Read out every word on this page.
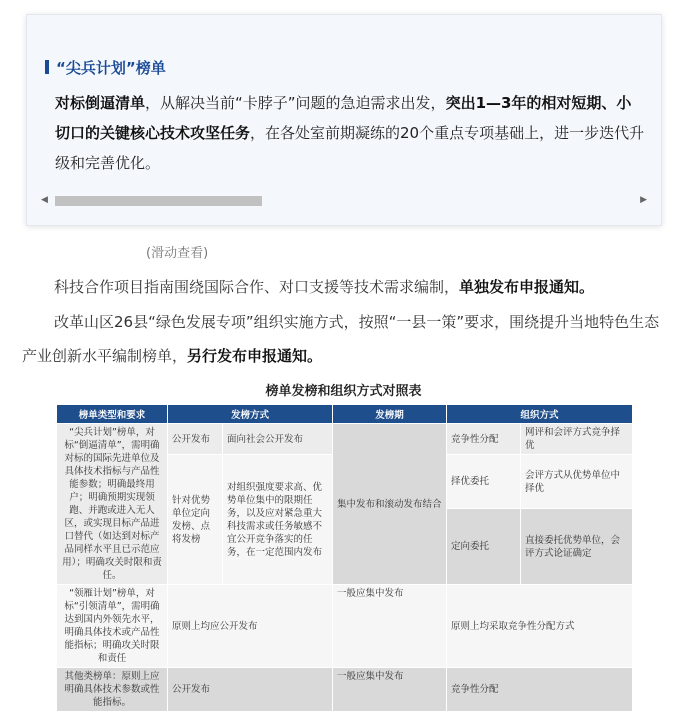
“尖兵计划”榜单
对标倒逼清单，从解决当前“卡脖子”问题的急迫需求出发，突出1—3年的相对短期、小切口的关键核心技术攻坚任务，在各处室前期凝练的20个重点专项基础上，进一步迭代升级和完善优化。
◀	▶
(滑动查看)
科技合作项目指南围绕国际合作、对口支援等技术需求编制，单独发布申报通知。
改革山区26县“绿色发展专项”组织实施方式，按照“一县一策”要求，围绕提升当地特色生态产业创新水平编制榜单，另行发布申报通知。
榜单发榜和组织方式对照表
榜单类型和要求	发榜方式		发榜期	组织方式	
“尖兵计划”榜单，对标“倒逼清单”，需明确对标的国际先进单位及具体技术指标与产品性能参数；明确最终用户；明确预期实现领跑、并跑或进入无人区，或实现目标产品进口替代（如达到对标产品同样水平且已示范应用）；明确攻关时限和责任。	公开发布	面向社会公开发布	集中发布和滚动发布结合	竞争性分配	网评和会评方式竞争择优
	针对优势单位定向发榜、点将发榜	对组织强度要求高、优势单位集中的限期任务，以及应对紧急重大科技需求或任务敏感不宜公开竞争落实的任务，在一定范围内发布		择优委托	会评方式从优势单位中择优
				定向委托	直接委托优势单位，会评方式论证确定
“领雁计划”榜单，对标“引领清单”，需明确达到国内外领先水平，明确具体技术或产品性能指标；明确攻关时限和责任	原则上均应公开发布		一般应集中发布	原则上均采取竞争性分配方式	
其他类榜单：原则上应明确具体技术参数或性能指标。	公开发布		一般应集中发布	竞争性分配	
